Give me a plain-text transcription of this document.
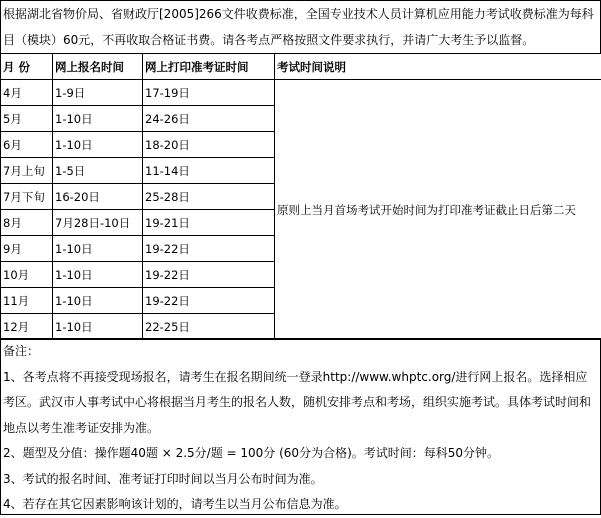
根据湖北省物价局、省财政厅[2005]266文件收费标准，全国专业技术人员计算机应用能力考试收费标准为每科目（模块）60元，不再收取合格证书费。请各考点严格按照文件要求执行，并请广大考生予以监督。
月 份	网上报名时间	网上打印准考证时间	考试时间说明
4月	1-9日	17-19日	原则上当月首场考试开始时间为打印准考证截止日后第二天
5月	1-10日	24-26日	
6月	1-10日	18-20日	
7月上旬	1-5日	11-14日	
7月下旬	16-20日	25-28日	
8月	7月28日-10日	19-21日	
9月	1-10日	19-22日	
10月	1-10日	19-22日	
11月	1-10日	19-22日	
12月	1-10日	22-25日	

备注：

1、各考点将不再接受现场报名，请考生在报名期间统一登录http://www.whptc.org/进行网上报名。选择相应考区。武汉市人事考试中心将根据当月考生的报名人数，随机安排考点和考场，组织实施考试。具体考试时间和地点以考生准考证安排为准。

2、题型及分值：操作题40题 × 2.5分/题 = 100分 (60分为合格)。考试时间：每科50分钟。

3、考试的报名时间、准考证打印时间以当月公布时间为准。

4、若存在其它因素影响该计划的，请考生以当月公布信息为准。
